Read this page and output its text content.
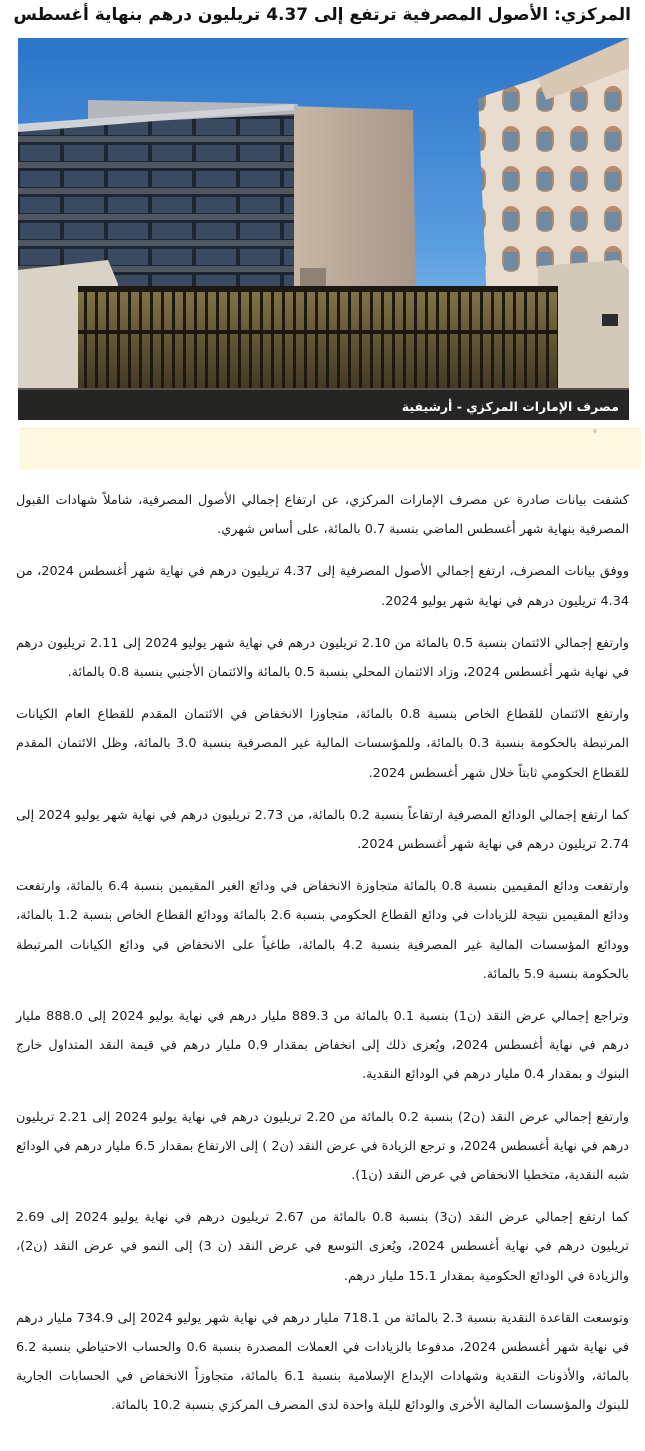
المركزي: الأصول المصرفية ترتفع إلى 4.37 تريليون درهم بنهاية أغسطس
مصرف الإمارات المركزي - أرشيفية

كشفت بيانات صادرة عن مصرف الإمارات المركزي، عن ارتفاع إجمالي الأصول المصرفية، شاملاً شهادات القبول المصرفية بنهاية شهر أغسطس الماضي بنسبة 0.7 بالمائة، على أساس شهري.

ووفق بيانات المصرف، ارتفع إجمالي الأصول المصرفية إلى 4.37 تريليون درهم في نهاية شهر أغسطس 2024، من 4.34 تريليون درهم في نهاية شهر يوليو 2024.

وارتفع إجمالي الائتمان بنسبة 0.5 بالمائة من 2.10 تريليون درهم في نهاية شهر يوليو 2024 إلى 2.11 تريليون درهم في نهاية شهر أغسطس 2024، وزاد الائتمان المحلي بنسبة 0.5 بالمائة والائتمان الأجنبي بنسبة 0.8 بالمائة.

وارتفع الائتمان للقطاع الخاص بنسبة 0.8 بالمائة، متجاوزا الانخفاض في الائتمان المقدم للقطاع العام الكيانات المرتبطة بالحكومة بنسبة 0.3 بالمائة، وللمؤسسات المالية غير المصرفية بنسبة 3.0 بالمائة، وظل الائتمان المقدم للقطاع الحكومي ثابتاً خلال شهر أغسطس 2024.

كما ارتفع إجمالي الودائع المصرفية ارتفاعاً بنسبة 0.2 بالمائة، من 2.73 تريليون درهم في نهاية شهر يوليو 2024 إلى 2.74 تريليون درهم في نهاية شهر أغسطس 2024.

وارتفعت ودائع المقيمين بنسبة 0.8 بالمائة متجاوزة الانخفاض في ودائع الغير المقيمين بنسبة 6.4 بالمائة، وارتفعت ودائع المقيمين نتيجة للزيادات في ودائع القطاع الحكومي بنسبة 2.6 بالمائة وودائع القطاع الخاص بنسبة 1.2 بالمائة، وودائع المؤسسات المالية غير المصرفية بنسبة 4.2 بالمائة، طاغياً على الانخفاض في ودائع الكيانات المرتبطة بالحكومة بنسبة 5.9 بالمائة.

وتراجع إجمالي عرض النقد (ن1) بنسبة 0.1 بالمائة من 889.3 مليار درهم في نهاية يوليو 2024 إلى 888.0 مليار درهم في نهاية أغسطس 2024، ويُعزى ذلك إلى انخفاض بمقدار 0.9 مليار درهم في قيمة النقد المتداول خارج البنوك و بمقدار 0.4 مليار درهم في الودائع النقدية.

وارتفع إجمالي عرض النقد (ن2) بنسبة 0.2 بالمائة من 2.20 تريليون درهم في نهاية يوليو 2024 إلى 2.21 تريليون درهم في نهاية أغسطس 2024، و ترجع الزيادة في عرض النقد (ن2 ) إلى الارتفاع بمقدار 6.5 مليار درهم في الودائع شبه النقدية، متخطيا الانخفاض في عرض النقد (ن1).

كما ارتفع إجمالي عرض النقد (ن3) بنسبة 0.8 بالمائة من 2.67 تريليون درهم في نهاية يوليو 2024 إلى 2.69 تريليون درهم في نهاية أغسطس 2024، ويُعزى التوسع في عرض النقد (ن 3) إلى النمو في عرض النقد (ن2)، والزيادة في الودائع الحكومية بمقدار 15.1 مليار درهم.

وتوسعت القاعدة النقدية بنسبة 2.3 بالمائة من 718.1 مليار درهم في نهاية شهر يوليو 2024 إلى 734.9 مليار درهم في نهاية شهر أغسطس 2024، مدفوعا بالزيادات في العملات المصدرة بنسبة 0.6 والحساب الاحتياطي بنسبة 6.2 بالمائة، والأذونات النقدية وشهادات الإيداع الإسلامية بنسبة 6.1 بالمائة، متجاوزاً الانخفاض في الحسابات الجارية للبنوك والمؤسسات المالية الأخرى والودائع لليلة واحدة لدى المصرف المركزي بنسبة 10.2 بالمائة.
